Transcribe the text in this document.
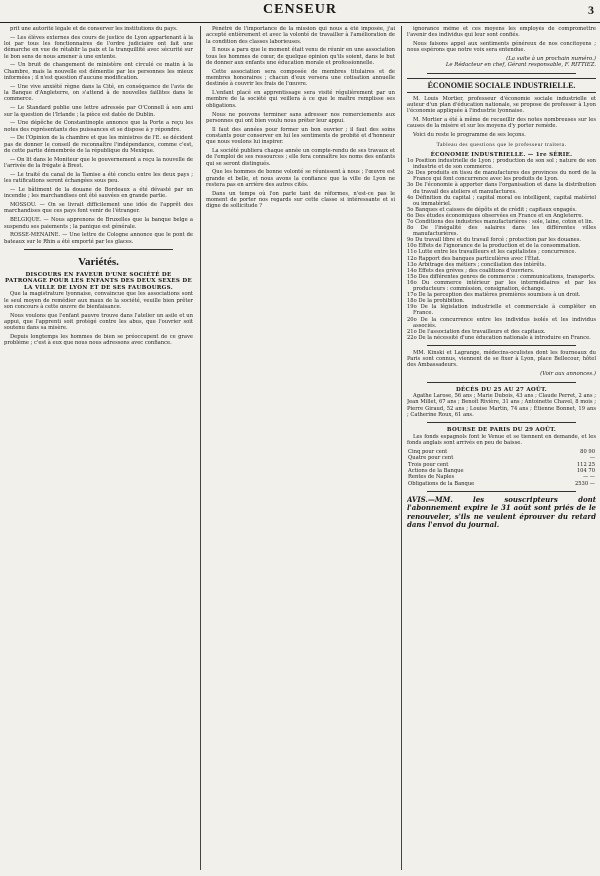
CENSEUR	3

prit une autorité légale et de conserver les institutions du pays.

— Les élèves externes des cours de justice de Lyon appartenant à la loi par tous les fonctionnaires de l'ordre judiciaire ont fait une démarche en vue de rétablir la paix et la tranquillité avec sécurité sur le bon sens de nous amener à une entente.

— Un bruit de changement de ministère ont circulé ce matin à la Chambre, mais la nouvelle est démentie par les personnes les mieux informées ; il n'est question d'aucune modification.

— Une vive anxiété règne dans la Cité, en conséquence de l'avis de la Banque d'Angleterre, on s'attend à de nouvelles faillites dans le commerce.

— Le Standard publie une lettre adressée par O'Connell à son ami sur la question de l'Irlande ; la pièce est datée de Dublin.

— Une dépêche de Constantinople annonce que la Porte a reçu les notes des représentants des puissances et se dispose à y répondre.

— De l'Opinion de la chambre et que les ministres de l'E. se décident pas de donner le conseil de reconnaître l'indépendance, comme c'est, de cette partie démembrée de la république du Mexique.

— On lit dans le Moniteur que le gouvernement a reçu la nouvelle de l'arrivée de la frégate à Brest.

— Le traité du canal de la Tamise a été conclu entre les deux pays ; les ratifications seront échangées sous peu.

— Le bâtiment de la douane de Bordeaux a été dévasté par un incendie ; les marchandises ont été sauvées en grande partie.

MOSSOU. — On se livrait difficilement une idée de l'apprêt des marchandises que ces pays font venir de l'étranger.

BELGIQUE. — Nous apprenons de Bruxelles que la banque belge a suspendu ses paiements ; la panique est générale.

ROSSE-MENAINE. — Une lettre de Cologne annonce que le pont de bateaux sur le Rhin a été emporté par les glaces.

Variétés.
DISCOURS EN FAVEUR D'UNE SOCIÉTÉ DE PATRONAGE POUR LES ENFANTS DES DEUX SEXES DE LA VILLE DE LYON ET DE SES FAUBOURGS.

Que la magistrature lyonnaise, convaincue que les associations sont le seul moyen de remédier aux maux de la société, veuille bien prêter son concours à cette œuvre de bienfaisance.

Nous voulons que l'enfant pauvre trouve dans l'atelier un asile et un appui, que l'apprenti soit protégé contre les abus, que l'ouvrier soit soutenu dans sa misère.

Depuis longtemps les hommes de bien se préoccupent de ce grave problème ; c'est à eux que nous nous adressons avec confiance.

Pénétré de l'importance de la mission qui nous a été imposée, j'ai accepté entièrement et avec la volonté de travailler à l'amélioration de la condition des classes laborieuses.

Il nous a paru que le moment était venu de réunir en une association tous les hommes de cœur, de quelque opinion qu'ils soient, dans le but de donner aux enfants une éducation morale et professionnelle.

Cette association sera composée de membres titulaires et de membres honoraires ; chacun d'eux versera une cotisation annuelle destinée à couvrir les frais de l'œuvre.

L'enfant placé en apprentissage sera visité régulièrement par un membre de la société qui veillera à ce que le maître remplisse ses obligations.

Nous ne pouvons terminer sans adresser nos remerciements aux personnes qui ont bien voulu nous prêter leur appui.

Il faut des années pour former un bon ouvrier ; il faut des soins constants pour conserver en lui les sentiments de probité et d'honneur que nous voulons lui inspirer.

La société publiera chaque année un compte-rendu de ses travaux et de l'emploi de ses ressources ; elle fera connaître les noms des enfants qui se seront distingués.

Que les hommes de bonne volonté se réunissent à nous ; l'œuvre est grande et belle, et nous avons la confiance que la ville de Lyon ne restera pas en arrière des autres cités.

Dans un temps où l'on parle tant de réformes, n'est-ce pas le moment de porter nos regards sur cette classe si intéressante et si digne de sollicitude ?

ignorance même et ces moyens les employés de compromettre l'avenir des individus qui leur sont confiés.

Nous faisons appel aux sentiments généreux de nos concitoyens ; nous espérons que notre voix sera entendue.

(La suite à un prochain numéro.)
Le Rédacteur en chef, Gérant responsable, F. RITTIEZ.
ÉCONOMIE SOCIALE INDUSTRIELLE.

M. Louis Mortier, professeur d'économie sociale industrielle et auteur d'un plan d'éducation nationale, se propose de professer à Lyon l'économie appliquée à l'industrie lyonnaise.

M. Mortier a été à même de recueillir des notes nombreuses sur les causes de la misère et sur les moyens d'y porter remède.

Voici du reste le programme de ses leçons.

Tableau des questions que le professeur traitera.
ÉCONOMIE INDUSTRIELLE. — 1re SÉRIE.
1o Position industrielle de Lyon ; production de son sol ; nature de son industrie et de son commerce.
2o Des produits en tissu de manufactures des provinces du nord de la France qui font concurrence avec les produits de Lyon.
3o De l'économie à apporter dans l'organisation et dans la distribution du travail des ateliers et manufactures.
4o Définition du capital ; capital moral ou intelligent, capital matériel ou immatériel.
5o Banques et caisses de dépôts et de crédit ; capitaux engagés.
6o Des études économiques observées en France et en Angleterre.
7o Conditions des industries manufacturières : sole, laine, coton et lin.
8o De l'inégalité des salaires dans les différentes villes manufacturières.
9o Du travail libre et du travail forcé ; protection par les douanes.
10o Effets de l'ignorance de la production et de la consommation.
11o Lutte entre les travailleurs et les capitalistes ; concurrence.
12o Rapport des banques particulières avec l'État.
13o Arbitrage des métiers ; conciliation des intérêts.
14o Effets des grèves ; des coalitions d'ouvriers.
15o Des différentes genres de commerce : communications, transports.
16o Du commerce intérieur par les intermédiaires et par les producteurs : commission, consignation, échange.
17o De la perception des matières premières soumises à un droit.
18o De la prohibition.
19o De la législation industrielle et commerciale à compléter en France.
20o De la concurrence entre les individus isolés et les individus associés.
21o De l'association des travailleurs et des capitaux.
22o De la nécessité d'une éducation nationale à introduire en France.

MM. Kinski et Lagrange, médecins-oculistes dont les fourneaux du Paris sont connus, viennent de se fixer à Lyon, place Bellecour, hôtel des Ambassadeurs.

(Voir aux annonces.)
DÉCÈS DU 25 AU 27 AOÛT.

Agathe Larose, 56 ans ; Marie Dubois, 43 ans ; Claude Perret, 2 ans ; Jean Millet, 67 ans ; Benoît Rivière, 31 ans ; Antoinette Chavel, 8 mois ; Pierre Giraud, 52 ans ; Louise Martin, 74 ans ; Étienne Bonnet, 19 ans ; Catherine Roux, 61 ans.

BOURSE DE PARIS DU 29 AOÛT.

Les fonds espagnols font le Venue et se tiennent en demande, et les fonds anglais sont arrivés en peu de baisse.

Cinq pour cent	80 90
Quatre pour cent	—
Trois pour cent	112 25
Actions de la Banque	104 70
Rentes de Naples	— —
Obligations de la Banque	2530 —
AVIS.—MM. les souscripteurs dont l'abonnement expire le 31 août sont priés de le renouveler, s'ils ne veulent éprouver du retard dans l'envoi du journal.
